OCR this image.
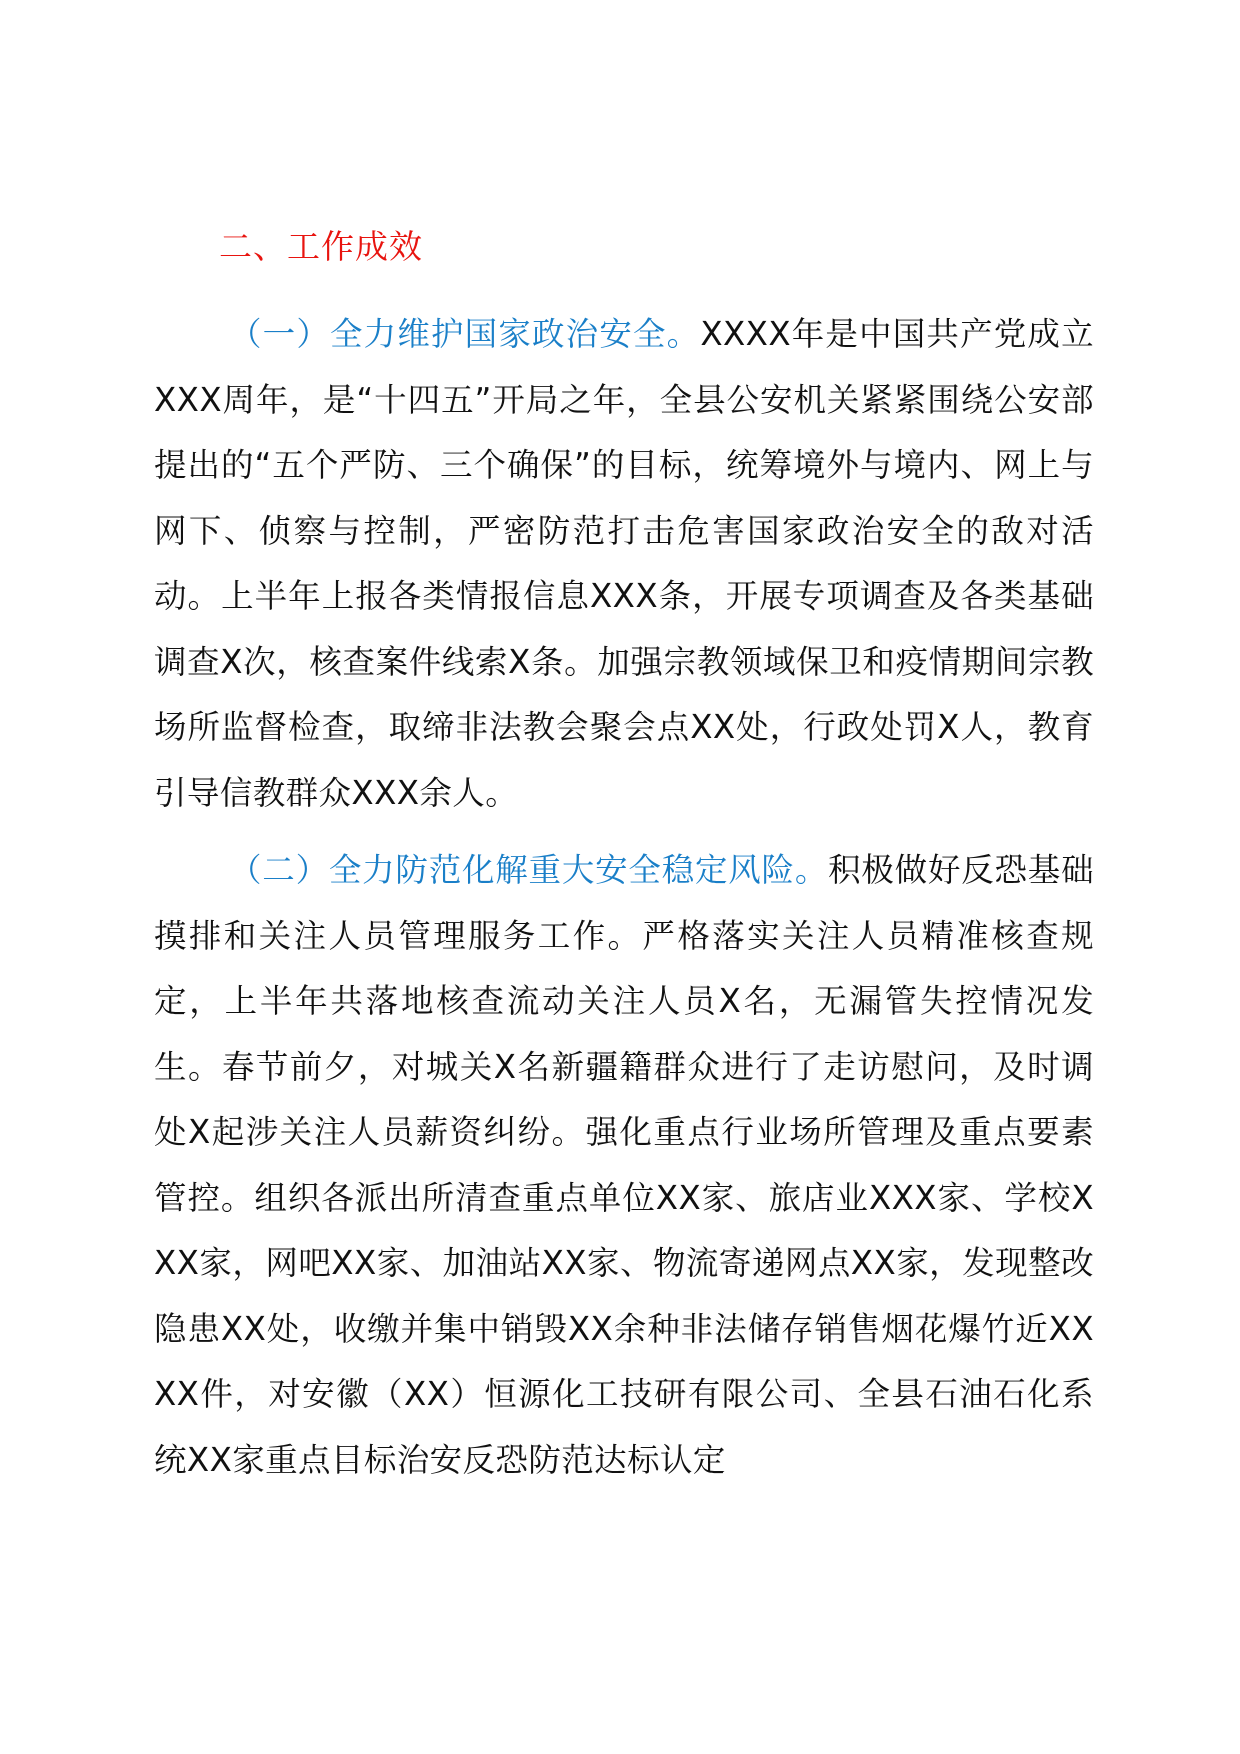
二、工作成效

（一）全力维护国家政治安全。XXXX年是中国共产党成立XXX周年，是“十四五”开局之年，全县公安机关紧紧围绕公安部提出的“五个严防、三个确保”的目标，统筹境外与境内、网上与网下、侦察与控制，严密防范打击危害国家政治安全的敌对活动。上半年上报各类情报信息XXX条，开展专项调查及各类基础调查X次，核查案件线索X条。加强宗教领域保卫和疫情期间宗教场所监督检查，取缔非法教会聚会点XX处，行政处罚X人，教育引导信教群众XXX余人。

（二）全力防范化解重大安全稳定风险。积极做好反恐基础摸排和关注人员管理服务工作。严格落实关注人员精准核查规定，上半年共落地核查流动关注人员X名，无漏管失控情况发生。春节前夕，对城关X名新疆籍群众进行了走访慰问，及时调处X起涉关注人员薪资纠纷。强化重点行业场所管理及重点要素管控。组织各派出所清查重点单位XX家、旅店业XXX家、学校XXX家，网吧XX家、加油站XX家、物流寄递网点XX家，发现整改隐患XX处，收缴并集中销毁XX余种非法储存销售烟花爆竹近XXXX件，对安徽（XX）恒源化工技研有限公司、全县石油石化系统XX家重点目标治安反恐防范达标认定
